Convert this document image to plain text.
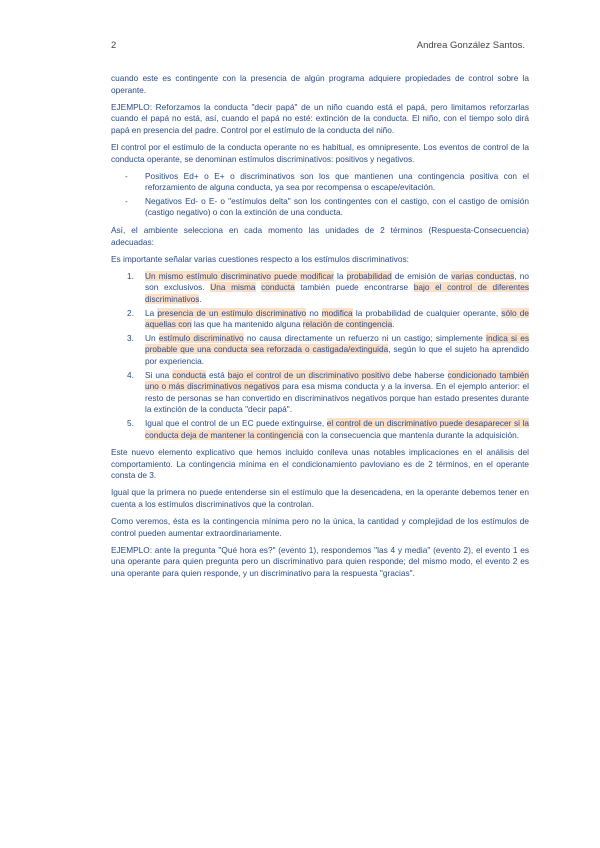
2	Andrea González Santos.

cuando este es contingente con la presencia de algún programa adquiere propiedades de control sobre la operante.

EJEMPLO: Reforzamos la conducta "decir papá" de un niño cuando está el papá, pero limitamos reforzarlas cuando el papá no está, así, cuando el papá no esté: extinción de la conducta. El niño, con el tiempo solo dirá papá en presencia del padre. Control por el estímulo de la conducta del niño.

El control por el estímulo de la conducta operante no es habitual, es omnipresente. Los eventos de control de la conducta operante, se denominan estímulos discriminativos: positivos y negativos.

- Positivos Ed+ o E+ o discriminativos son los que mantienen una contingencia positiva con el reforzamiento de alguna conducta, ya sea por recompensa o escape/evitación.
- Negativos Ed- o E- o "estímulos delta" son los contingentes con el castigo, con el castigo de omisión (castigo negativo) o con la extinción de una conducta.

Así, el ambiente selecciona en cada momento las unidades de 2 términos (Respuesta-Consecuencia) adecuadas:

Es importante señalar varias cuestiones respecto a los estímulos discriminativos:

1. Un mismo estímulo discriminativo puede modificar la probabilidad de emisión de varias conductas, no son exclusivos. Una misma conducta también puede encontrarse bajo el control de diferentes discriminativos.
2. La presencia de un estímulo discriminativo no modifica la probabilidad de cualquier operante, sólo de aquellas con las que ha mantenido alguna relación de contingencia.
3. Un estímulo discriminativo no causa directamente un refuerzo ni un castigo; simplemente indica si es probable que una conducta sea reforzada o castigada/extinguida, según lo que el sujeto ha aprendido por experiencia.
4. Si una conducta está bajo el control de un discriminativo positivo debe haberse condicionado también uno o más discriminativos negativos para esa misma conducta y a la inversa. En el ejemplo anterior: el resto de personas se han convertido en discriminativos negativos porque han estado presentes durante la extinción de la conducta "decir papá".
5. Igual que el control de un EC puede extinguirse, el control de un discriminativo puede desaparecer si la conducta deja de mantener la contingencia con la consecuencia que mantenía durante la adquisición.

Este nuevo elemento explicativo que hemos incluido conlleva unas notables implicaciones en el análisis del comportamiento. La contingencia mínima en el condicionamiento pavloviano es de 2 términos, en el operante consta de 3.

Igual que la primera no puede entenderse sin el estímulo que la desencadena, en la operante debemos tener en cuenta a los estímulos discriminativos que la controlan.

Como veremos, ésta es la contingencia mínima pero no la única, la cantidad y complejidad de los estímulos de control pueden aumentar extraordinariamente.

EJEMPLO: ante la pregunta "Qué hora es?" (evento 1), respondemos "las 4 y media" (evento 2), el evento 1 es una operante para quien pregunta pero un discriminativo para quien responde; del mismo modo, el evento 2 es una operante para quien responde, y un discriminativo para la respuesta "gracias".
